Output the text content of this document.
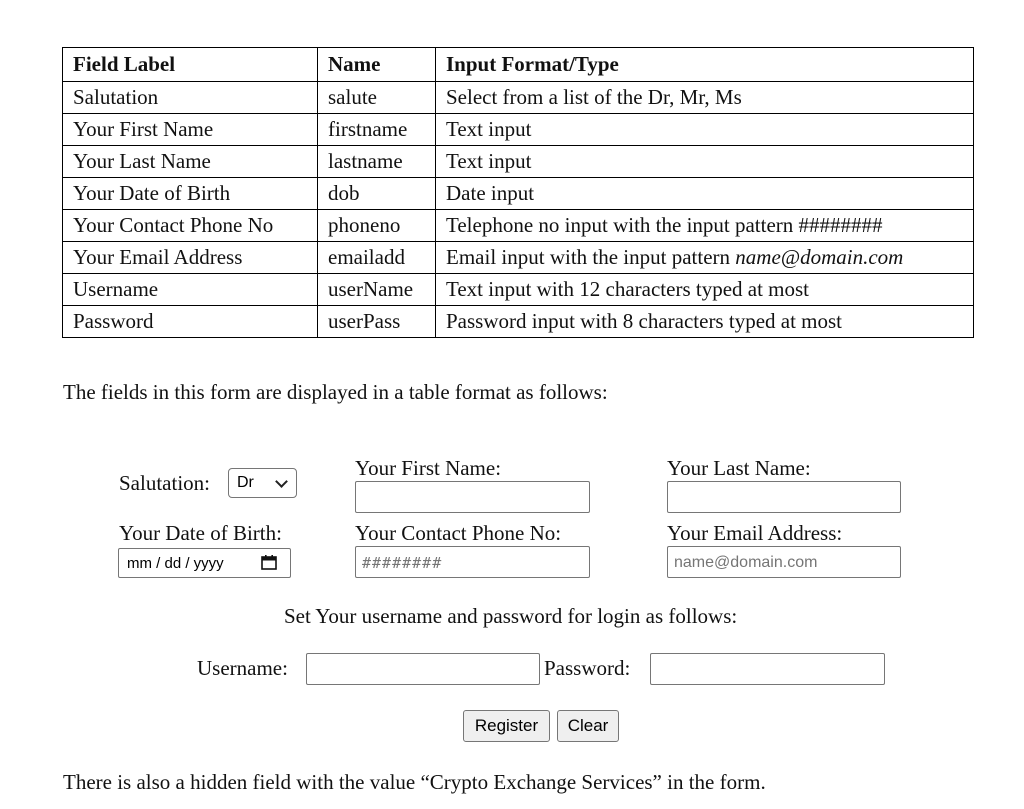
Field Label	Name	Input Format/Type
Salutation	salute	Select from a list of the Dr, Mr, Ms
Your First Name	firstname	Text input
Your Last Name	lastname	Text input
Your Date of Birth	dob	Date input
Your Contact Phone No	phoneno	Telephone no input with the input pattern ########
Your Email Address	emailadd	Email input with the input pattern name@domain.com
Username	userName	Text input with 12 characters typed at most
Password	userPass	Password input with 8 characters typed at most
The fields in this form are displayed in a table format as follows:
Salutation: Dr
Your First Name:	Your Last Name:
Your Date of Birth:
mm / dd / yyyy
Your Contact Phone No:
########
Your Email Address:
name@domain.com
Set Your username and password for login as follows:
Username:	Password:
Register	Clear
There is also a hidden field with the value “Crypto Exchange Services” in the form.
